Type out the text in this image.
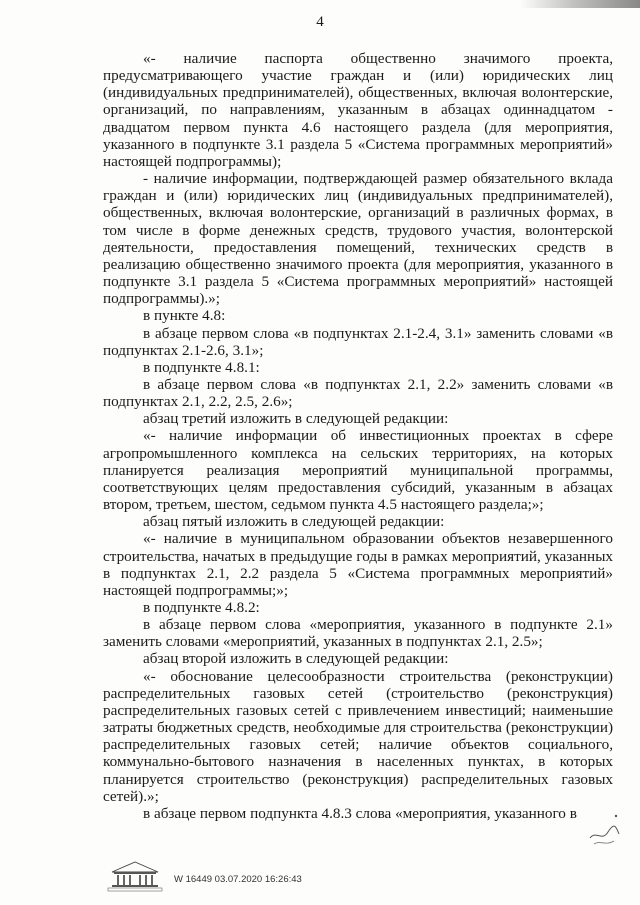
4

«- наличие паспорта общественно значимого проекта, предусматривающего участие граждан и (или) юридических лиц (индивидуальных предпринимателей), общественных, включая волонтерские, организаций, по направлениям, указанным в абзацах одиннадцатом - двадцатом первом пункта 4.6 настоящего раздела (для мероприятия, указанного в подпункте 3.1 раздела 5 «Система программных мероприятий» настоящей подпрограммы);

- наличие информации, подтверждающей размер обязательного вклада граждан и (или) юридических лиц (индивидуальных предпринимателей), общественных, включая волонтерские, организаций в различных формах, в том числе в форме денежных средств, трудового участия, волонтерской деятельности, предоставления помещений, технических средств в реализацию общественно значимого проекта (для мероприятия, указанного в подпункте 3.1 раздела 5 «Система программных мероприятий» настоящей подпрограммы).»;

в пункте 4.8:

в абзаце первом слова «в подпунктах 2.1-2.4, 3.1» заменить словами «в подпунктах 2.1-2.6, 3.1»;

в подпункте 4.8.1:

в абзаце первом слова «в подпунктах 2.1, 2.2» заменить словами «в подпунктах 2.1, 2.2, 2.5, 2.6»;

абзац третий изложить в следующей редакции:

«- наличие информации об инвестиционных проектах в сфере агропромышленного комплекса на сельских территориях, на которых планируется реализация мероприятий муниципальной программы, соответствующих целям предоставления субсидий, указанным в абзацах втором, третьем, шестом, седьмом пункта 4.5 настоящего раздела;»;

абзац пятый изложить в следующей редакции:

«- наличие в муниципальном образовании объектов незавершенного строительства, начатых в предыдущие годы в рамках мероприятий, указанных в подпунктах 2.1, 2.2 раздела 5 «Система программных мероприятий» настоящей подпрограммы;»;

в подпункте 4.8.2:

в абзаце первом слова «мероприятия, указанного в подпункте 2.1» заменить словами «мероприятий, указанных в подпунктах 2.1, 2.5»;

абзац второй изложить в следующей редакции:

«- обоснование целесообразности строительства (реконструкции) распределительных газовых сетей (строительство (реконструкция) распределительных газовых сетей с привлечением инвестиций; наименьшие затраты бюджетных средств, необходимые для строительства (реконструкции) распределительных газовых сетей; наличие объектов социального, коммунально-бытового назначения в населенных пунктах, в которых планируется строительство (реконструкция) распределительных газовых сетей).»;

в абзаце первом подпункта 4.8.3 слова «мероприятия, указанного в

W 16449 03.07.2020 16:26:43
